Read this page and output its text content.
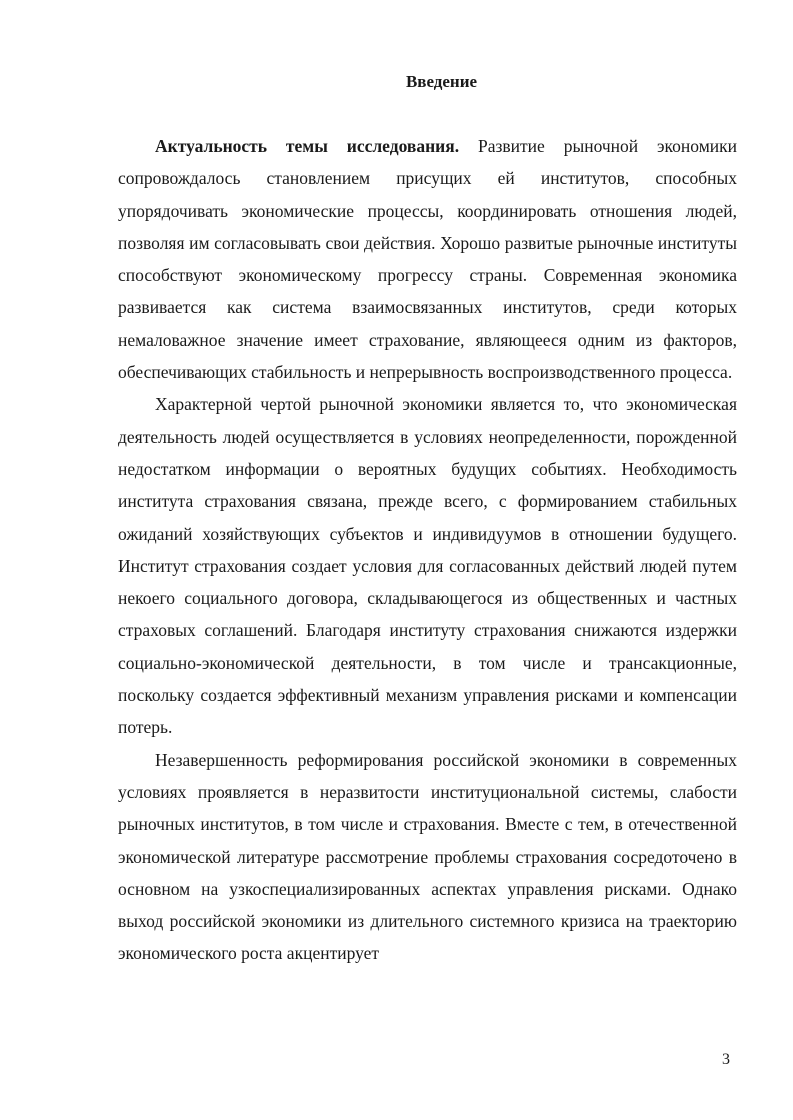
Введение

Актуальность темы исследования. Развитие рыночной экономики сопровождалось становлением присущих ей институтов, способных упорядочивать экономические процессы, координировать отношения людей, позволяя им согласовывать свои действия. Хорошо развитые рыночные институты способствуют экономическому прогрессу страны. Современная экономика развивается как система взаимосвязанных институтов, среди которых немаловажное значение имеет страхование, являющееся одним из факторов, обеспечивающих стабильность и непрерывность воспроизводственного процесса.

Характерной чертой рыночной экономики является то, что экономическая деятельность людей осуществляется в условиях неопределенности, порожденной недостатком информации о вероятных будущих событиях. Необходимость института страхования связана, прежде всего, с формированием стабильных ожиданий хозяйствующих субъектов и индивидуумов в отношении будущего. Институт страхования создает условия для согласованных действий людей путем некоего социального договора, складывающегося из общественных и частных страховых соглашений. Благодаря институту страхования снижаются издержки социально-экономической деятельности, в том числе и трансакционные, поскольку создается эффективный механизм управления рисками и компенсации потерь.

Незавершенность реформирования российской экономики в современных условиях проявляется в неразвитости институциональной системы, слабости рыночных институтов, в том числе и страхования. Вместе с тем, в отечественной экономической литературе рассмотрение проблемы страхования сосредоточено в основном на узкоспециализированных аспектах управления рисками. Однако выход российской экономики из длительного системного кризиса на траекторию экономического роста акцентирует

3
